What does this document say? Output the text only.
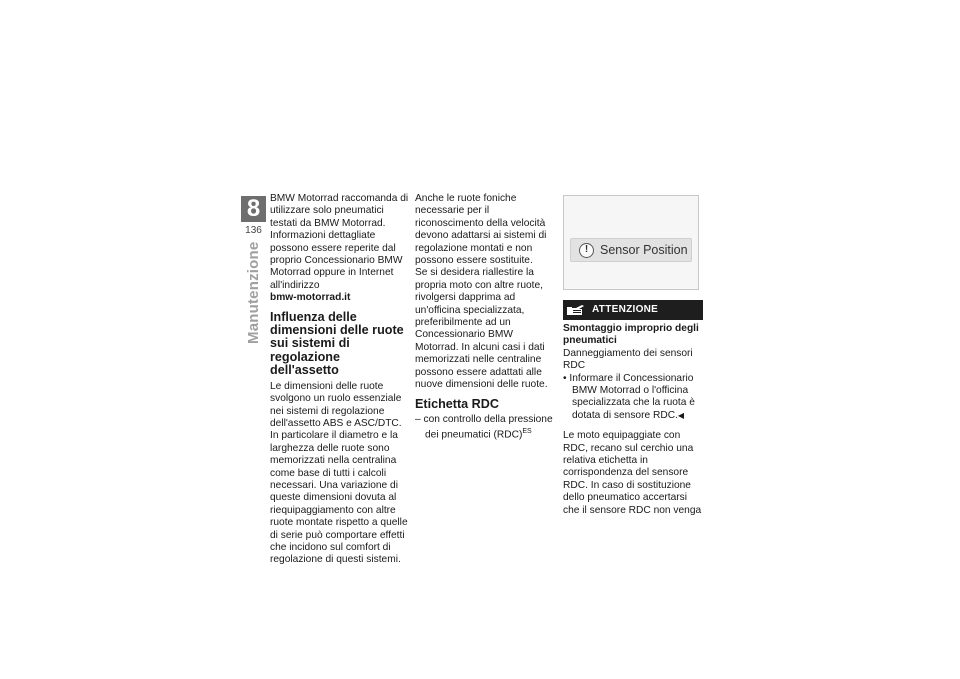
8
136
Manutenzione

BMW Motorrad raccomanda di utilizzare solo pneumatici testati da BMW Motorrad.

Informazioni dettagliate possono essere reperite dal proprio Concessionario BMW Motorrad oppure in Internet all'indirizzo

bmw-motorrad.it

Influenza delle dimensioni delle ruote sui sistemi di regolazione dell'assetto

Le dimensioni delle ruote svolgono un ruolo essenziale nei sistemi di regolazione dell'assetto ABS e ASC/DTC. In particolare il diametro e la larghezza delle ruote sono memorizzati nella centralina come base di tutti i calcoli necessari. Una variazione di queste dimensioni dovuta al riequipaggiamento con altre ruote montate rispetto a quelle di serie può comportare effetti che incidono sul comfort di regolazione di questi sistemi.

Anche le ruote foniche necessarie per il riconoscimento della velocità devono adattarsi ai sistemi di regolazione montati e non possono essere sostituite.

Se si desidera riallestire la propria moto con altre ruote, rivolgersi dapprima ad un'officina specializzata, preferibilmente ad un Concessionario BMW Motorrad. In alcuni casi i dati memorizzati nelle centraline possono essere adattati alle nuove dimensioni delle ruote.

Etichetta RDC

– con controllo della pressione dei pneumatici (RDC)$^{ES}$

! Sensor Position
ATTENZIONE

Smontaggio improprio degli pneumatici

Danneggiamento dei sensori RDC

• Informare il Concessionario BMW Motorrad o l'officina specializzata che la ruota è dotata di sensore RDC.◀

Le moto equipaggiate con RDC, recano sul cerchio una relativa etichetta in corrispondenza del sensore RDC. In caso di sostituzione dello pneumatico accertarsi che il sensore RDC non venga
